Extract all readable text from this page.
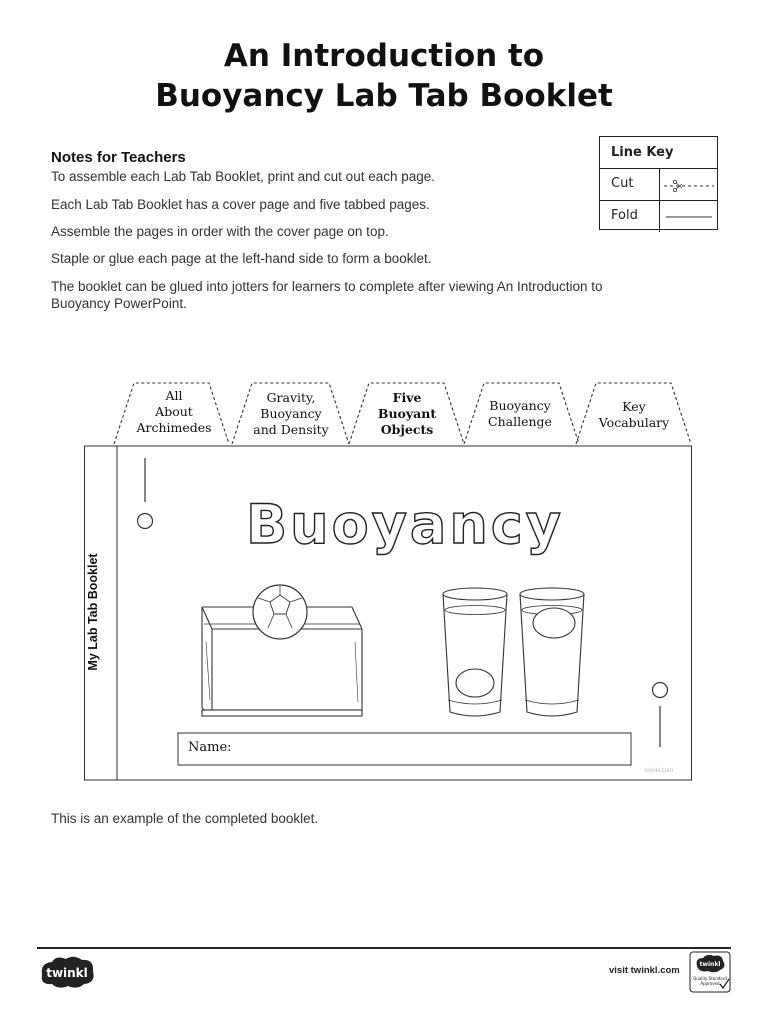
An Introduction to
Buoyancy Lab Tab Booklet
Notes for Teachers
To assemble each Lab Tab Booklet, print and cut out each page.
Each Lab Tab Booklet has a cover page and five tabbed pages.
Assemble the pages in order with the cover page on top.
Staple or glue each page at the left-hand side to form a booklet.
The booklet can be glued into jotters for learners to complete after viewing An Introduction to Buoyancy PowerPoint.
Line Key
Cut
Fold
Buoyancy
All
About
Archimedes
Gravity,
Buoyancy
and Density
Five
Buoyant
Objects
Buoyancy
Challenge
Key
Vocabulary
My Lab Tab Booklet
Name:
twinkl.com
This is an example of the completed booklet.
twinkl	visit twinkl.com
twinkl
Quality Standard
Approved
